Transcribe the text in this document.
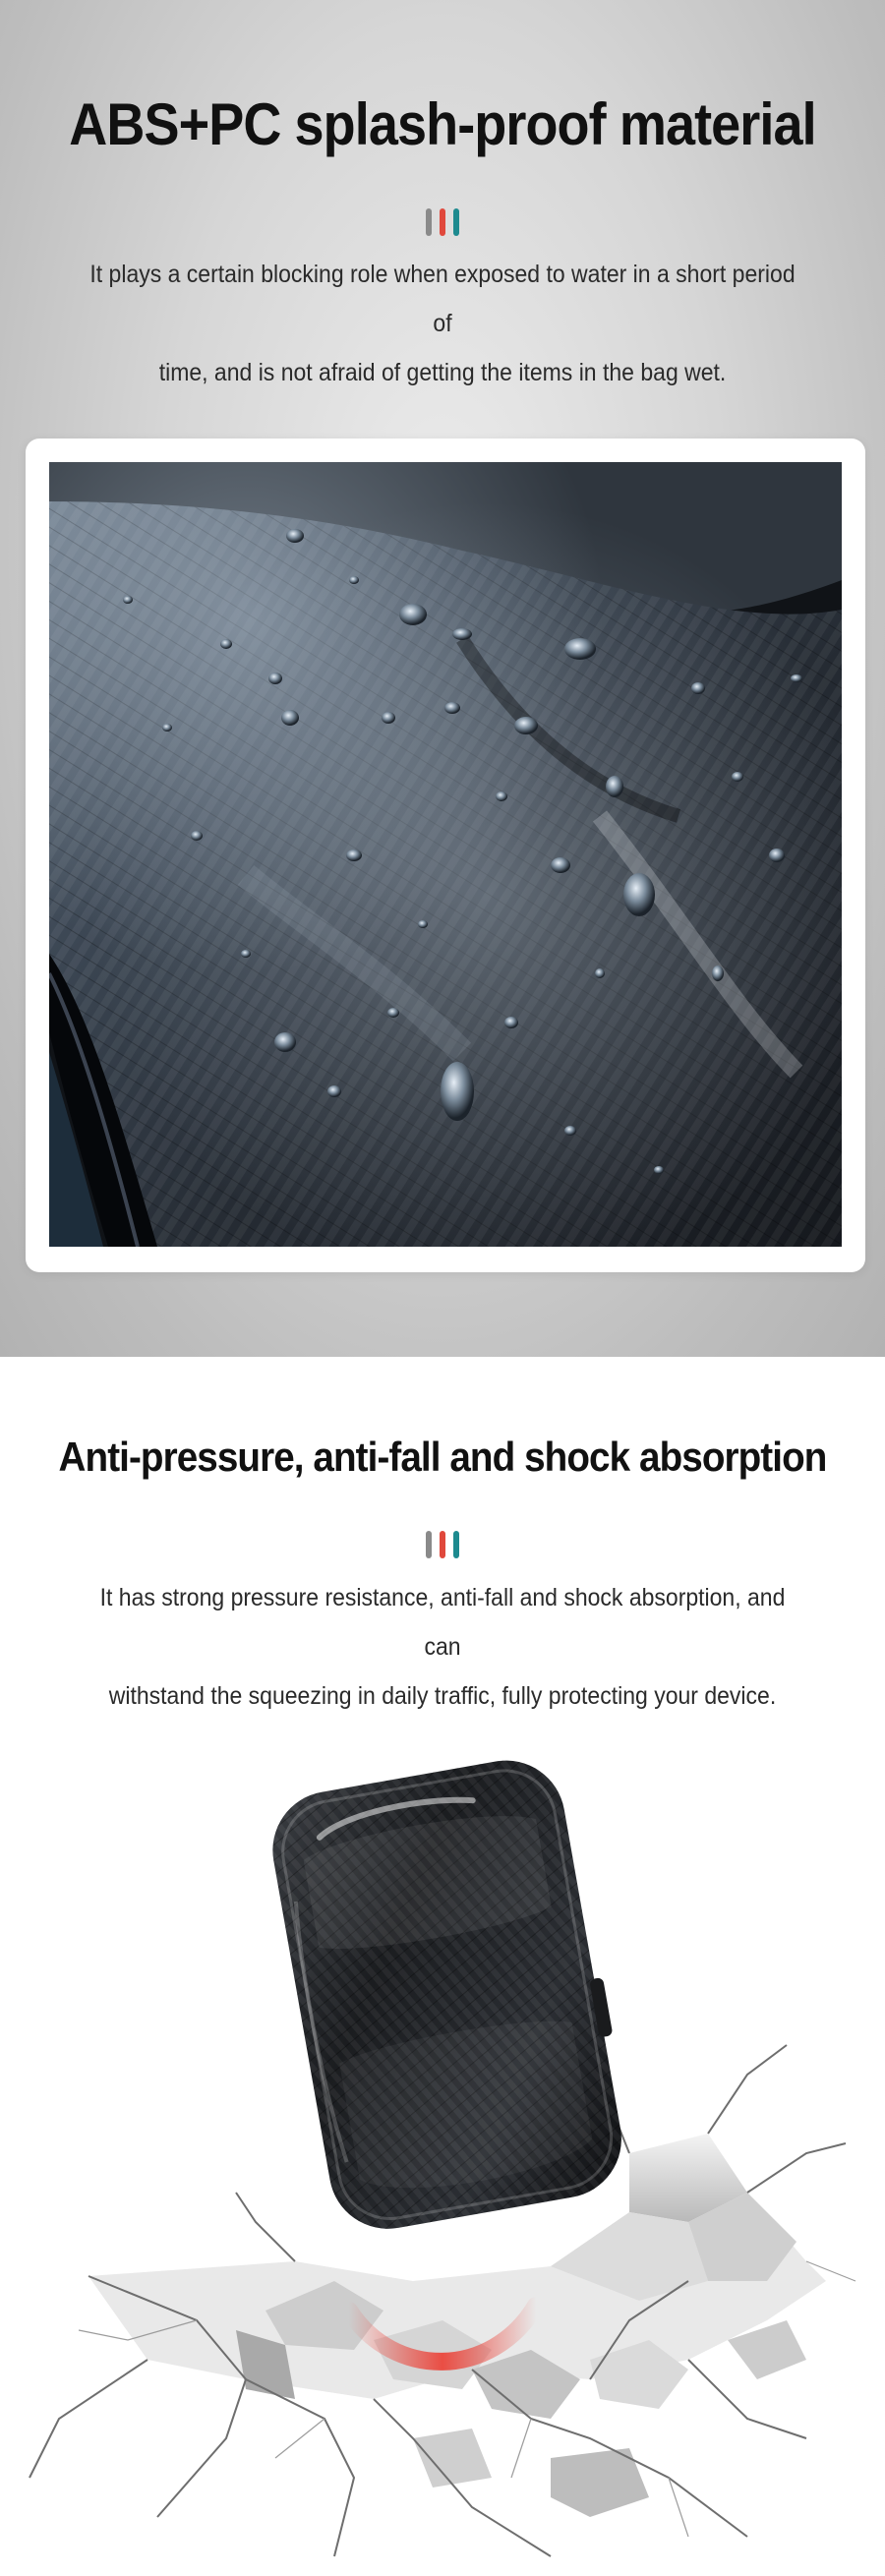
ABS+PC splash-proof material
It plays a certain blocking role when exposed to water in a short period of
time, and is not afraid of getting the items in the bag wet.
Anti-pressure, anti-fall and shock absorption
It has strong pressure resistance, anti-fall and shock absorption, and can
withstand the squeezing in daily traffic, fully protecting your device.
